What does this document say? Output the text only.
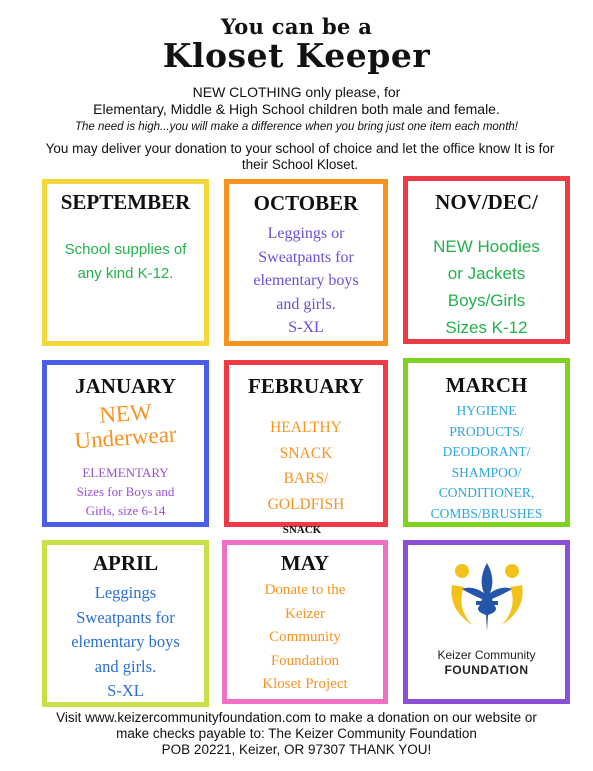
You can be a
Kloset Keeper
NEW CLOTHING only please, for
Elementary, Middle & High School children both male and female.
The need is high...you will make a difference when you bring just one item each month!
You may deliver your donation to your school of choice and let the office know It is for their School Kloset.
SEPTEMBER
School supplies of
any kind K-12.
OCTOBER
Leggings or
Sweatpants for
elementary boys
and girls.
S-XL
NOV/DEC/
NEW Hoodies
or Jackets
Boys/Girls
Sizes K-12
JANUARY
NEW
Underwear
ELEMENTARY
Sizes for Boys and
Girls, size 6-14
FEBRUARY
HEALTHY
SNACK
BARS/
GOLDFISH
MARCH
HYGIENE
PRODUCTS/
DEODORANT/
SHAMPOO/
CONDITIONER,
COMBS/BRUSHES
SNACK
APRIL
Leggings
Sweatpants for
elementary boys
and girls.
S-XL
MAY
Donate to the
Keizer
Community
Foundation
Kloset Project
Keizer Community
FOUNDATION
Visit www.keizercommunityfoundation.com to make a donation on our website or
make checks payable to: The Keizer Community Foundation
POB 20221, Keizer, OR 97307 THANK YOU!
